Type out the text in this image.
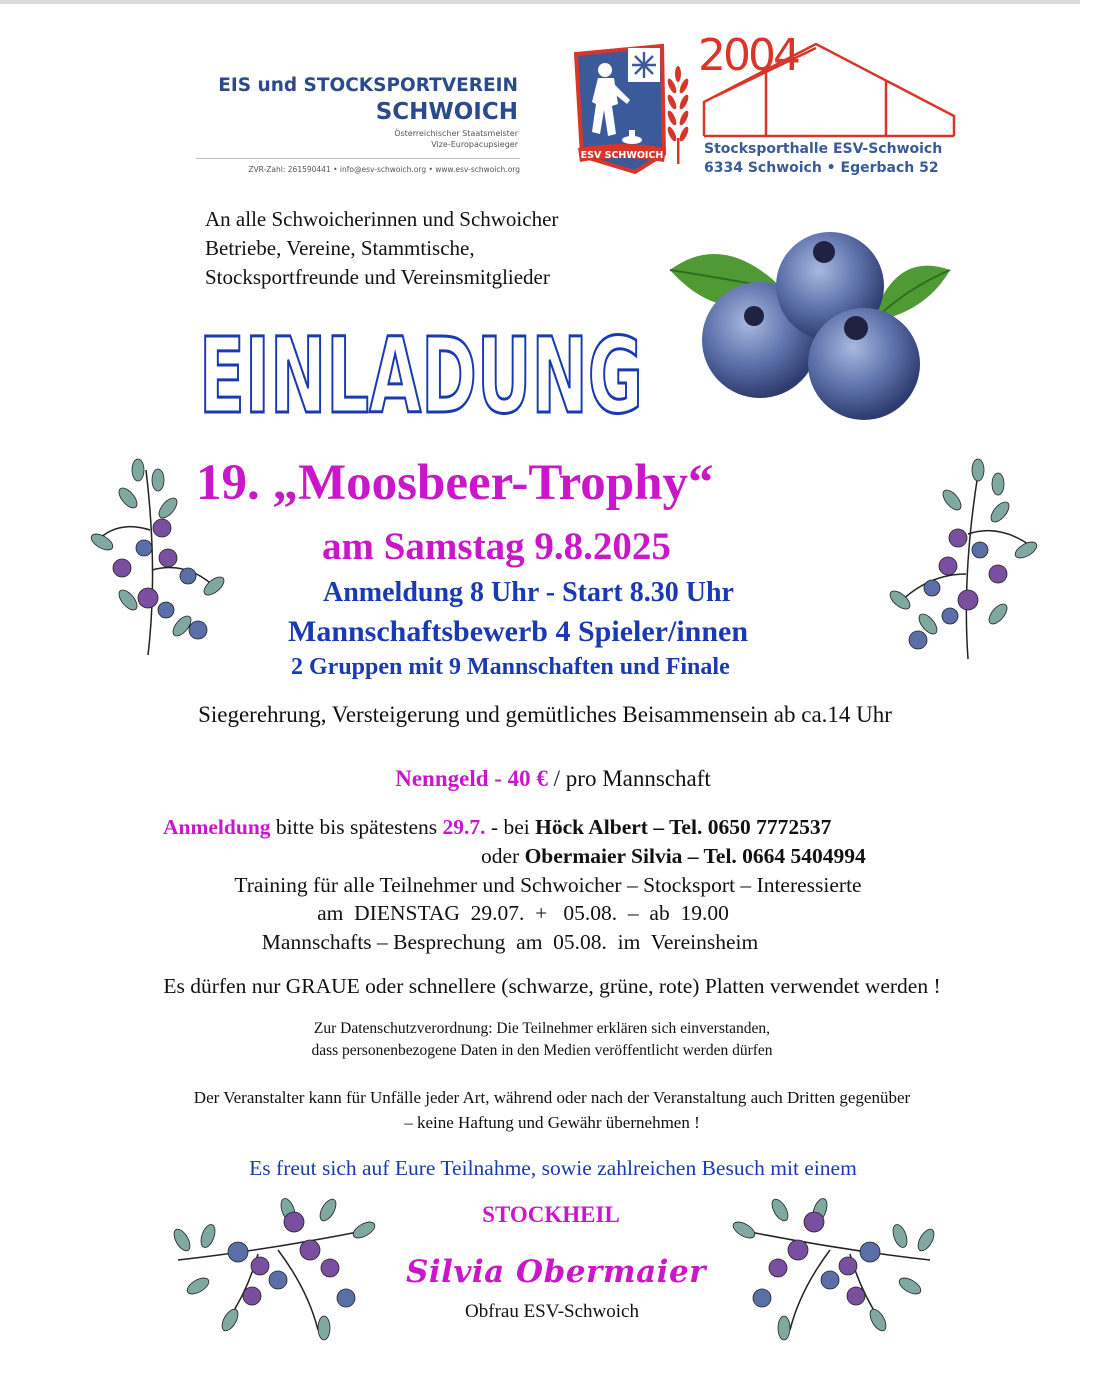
EIS und STOCKSPORTVEREIN
SCHWOICH
Österreichischer Staatsmeister
Vize-Europacupsieger
ZVR-Zahl: 261590441 • info@esv-schwoich.org • www.esv-schwoich.org
ESV SCHWOICH
2004
Stocksporthalle ESV-Schwoich
6334 Schwoich • Egerbach 52
An alle Schwoicherinnen und Schwoicher
Betriebe, Vereine, Stammtische,
Stocksportfreunde und Vereinsmitglieder
EINLADUNG
19. „Moosbeer-Trophy“
am Samstag 9.8.2025
Anmeldung 8 Uhr - Start 8.30 Uhr
Mannschaftsbewerb 4 Spieler/innen
2 Gruppen mit 9 Mannschaften und Finale
Siegerehrung, Versteigerung und gemütliches Beisammensein ab ca.14 Uhr
Nenngeld - 40 € / pro Mannschaft
Anmeldung bitte bis spätestens 29.7. - bei Höck Albert – Tel. 0650 7772537
oder Obermaier Silvia – Tel. 0664 5404994
Training für alle Teilnehmer und Schwoicher – Stocksport – Interessierte
am  DIENSTAG  29.07.  +   05.08.  –  ab  19.00
Mannschafts – Besprechung  am  05.08.  im  Vereinsheim
Es dürfen nur GRAUE oder schnellere (schwarze, grüne, rote) Platten verwendet werden !
Zur Datenschutzverordnung: Die Teilnehmer erklären sich einverstanden,
dass personenbezogene Daten in den Medien veröffentlicht werden dürfen
Der Veranstalter kann für Unfälle jeder Art, während oder nach der Veranstaltung auch Dritten gegenüber
– keine Haftung und Gewähr übernehmen !
Es freut sich auf Eure Teilnahme, sowie zahlreichen Besuch mit einem
STOCKHEIL
Silvia Obermaier
Obfrau ESV-Schwoich
